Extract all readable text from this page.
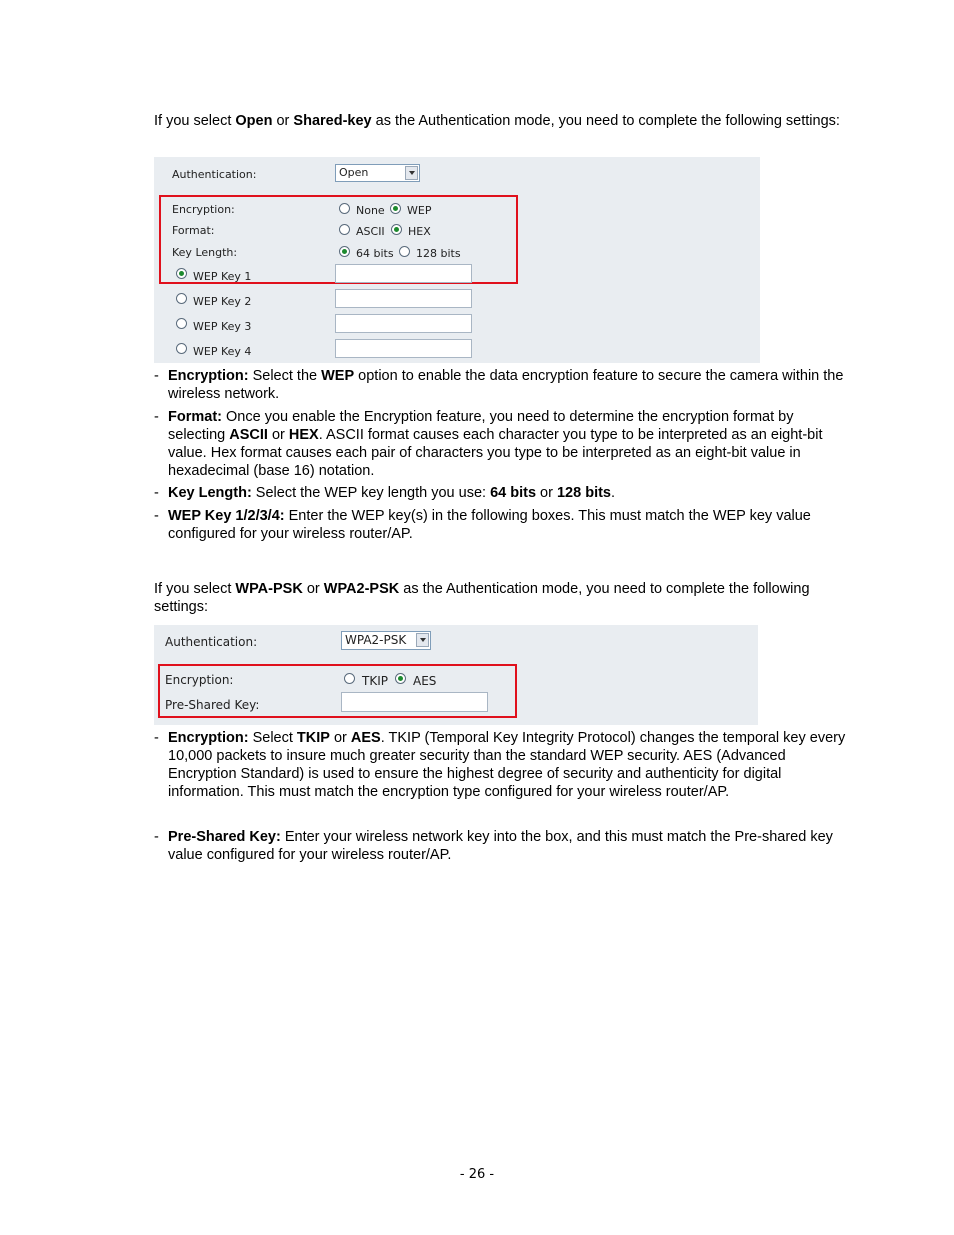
If you select Open or Shared-key as the Authentication mode, you need to complete the following settings:

Authentication:	Open
Encryption:	None WEP
Format:	ASCII HEX
Key Length:	64 bits 128 bits
WEP Key 1
WEP Key 2
WEP Key 3
WEP Key 4
- Encryption: Select the WEP option to enable the data encryption feature to secure the camera within the wireless network.

- Format: Once you enable the Encryption feature, you need to determine the encryption format by selecting ASCII or HEX. ASCII format causes each character you type to be interpreted as an eight-bit value. Hex format causes each pair of characters you type to be interpreted as an eight-bit value in hexadecimal (base 16) notation.

- Key Length: Select the WEP key length you use: 64 bits or 128 bits.

- WEP Key 1/2/3/4: Enter the WEP key(s) in the following boxes. This must match the WEP key value configured for your wireless router/AP.

If you select WPA-PSK or WPA2-PSK as the Authentication mode, you need to complete the following settings:

Authentication:	WPA2-PSK
Encryption:	TKIP AES
Pre-Shared Key:
- Encryption: Select TKIP or AES. TKIP (Temporal Key Integrity Protocol) changes the temporal key every 10,000 packets to insure much greater security than the standard WEP security. AES (Advanced Encryption Standard) is used to ensure the highest degree of security and authenticity for digital information. This must match the encryption type configured for your wireless router/AP.

- Pre-Shared Key: Enter your wireless network key into the box, and this must match the Pre-shared key value configured for your wireless router/AP.

- 26 -
